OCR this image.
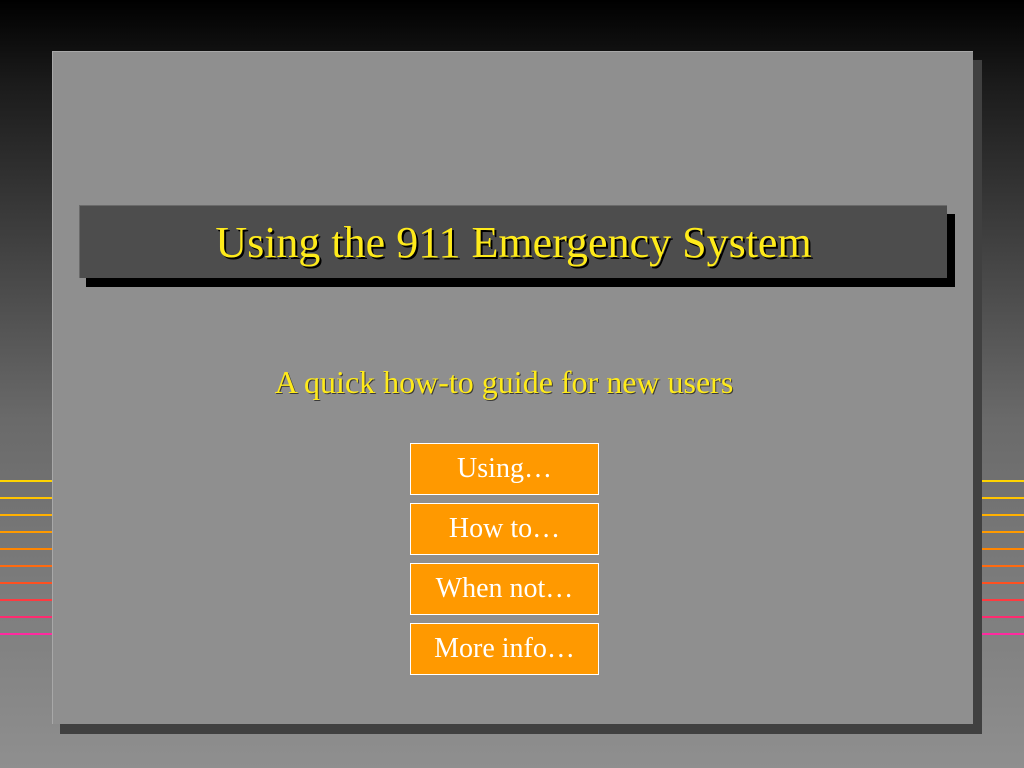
Using the 911 Emergency System
A quick how-to guide for new users
Using…
How to…
When not…
More info…
